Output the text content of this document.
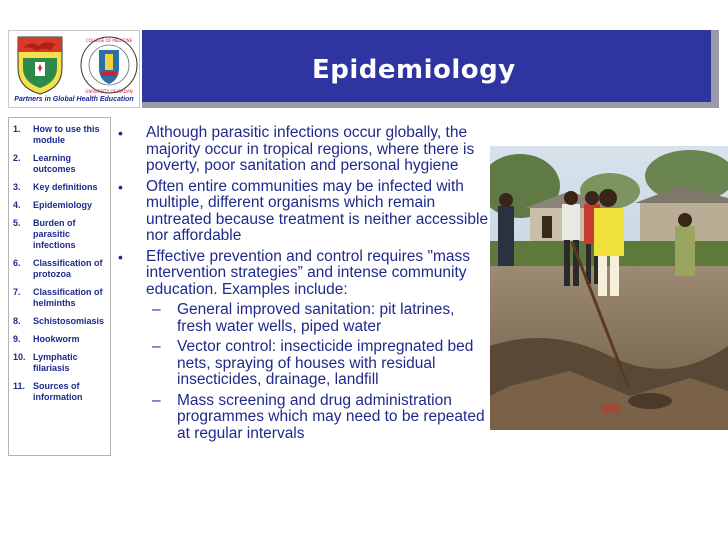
COLLEGE OF MEDICINE
UNIVERSITY OF IBADAN
Partners in Global Health Education
Epidemiology
1.	How to use this module
2.	Learning outcomes
3.	Key definitions
4.	Epidemiology
5.	Burden of parasitic infections
6.	Classification of protozoa
7.	Classification of helminths
8.	Schistosomiasis
9.	Hookworm
10. Lymphatic filariasis
11. Sources of information
•	Although parasitic infections occur globally, the majority occur in tropical regions, where there is poverty, poor sanitation and personal hygiene
•	Often entire communities may be infected with multiple, different organisms which remain untreated because treatment is neither accessible nor affordable
•	Effective prevention and control requires "mass intervention strategies” and intense community education. Examples include:
–	General improved sanitation: pit latrines, fresh water wells, piped water
–	Vector control: insecticide impregnated bed nets, spraying of houses with residual insecticides, drainage, landfill
–	Mass screening and drug administration programmes which may need to be repeated at regular intervals
